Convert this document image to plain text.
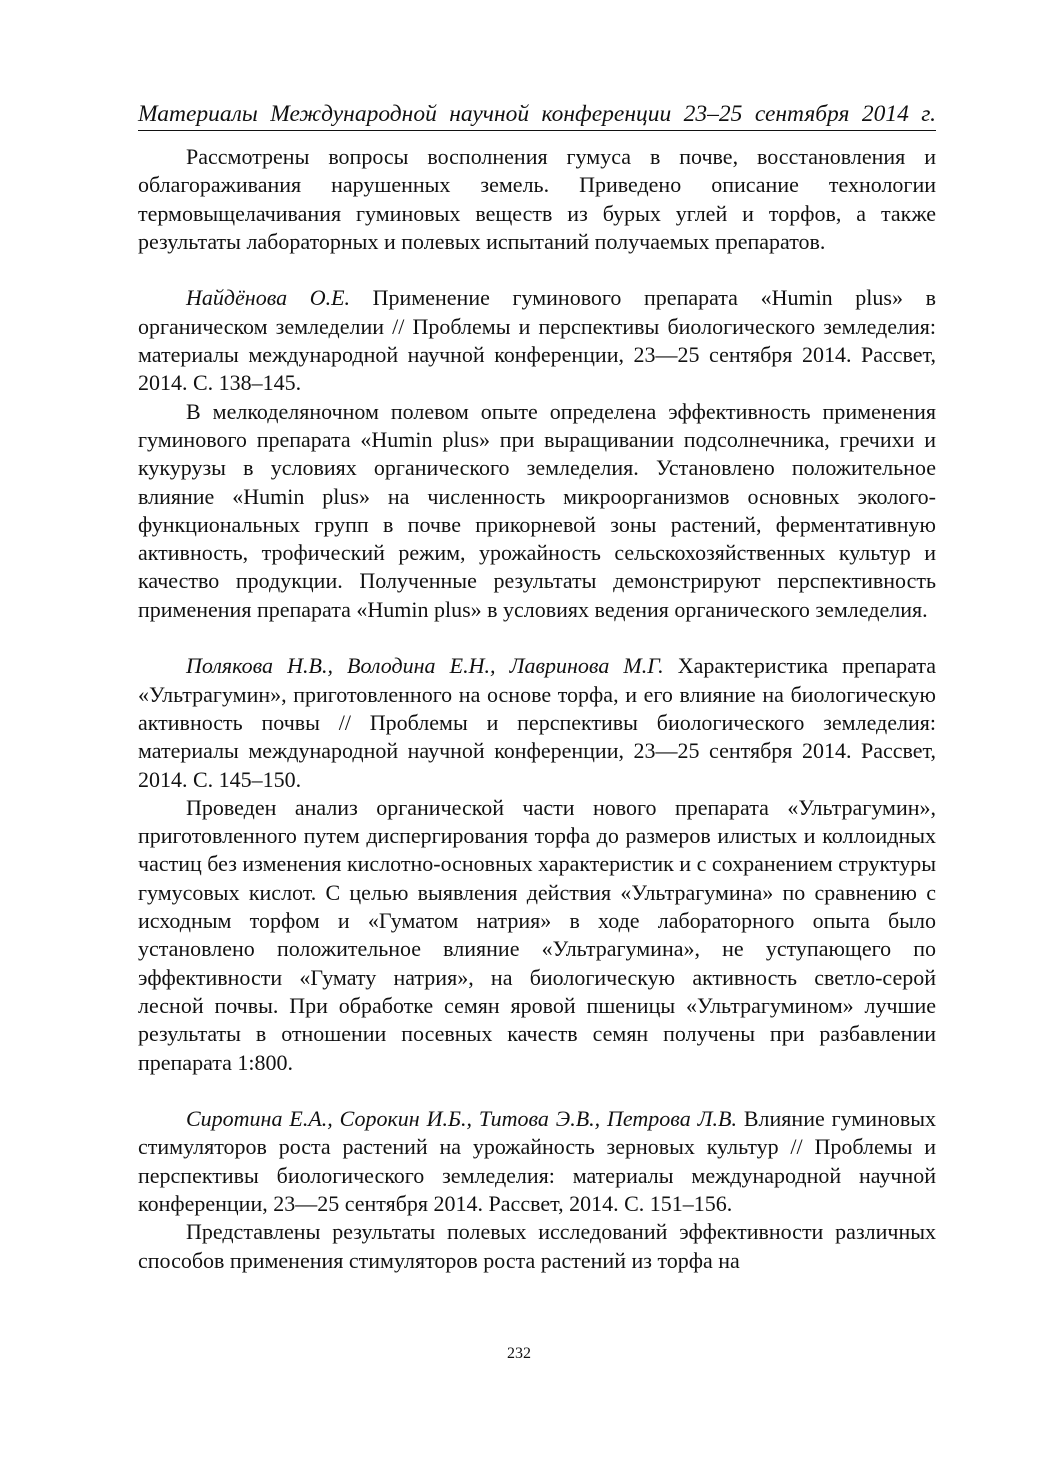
Материалы Международной научной конференции 23–25 сентября 2014 г.

Рассмотрены вопросы восполнения гумуса в почве, восстановления и облагораживания нарушенных земель. Приведено описание технологии термовыщелачивания гуминовых веществ из бурых углей и торфов, а также результаты лабораторных и полевых испытаний получаемых препаратов.

Найдёнова О.Е. Применение гуминового препарата «Humin plus» в органическом земледелии // Проблемы и перспективы биологического земледелия: материалы международной научной конференции, 23—25 сентября 2014. Рассвет, 2014. С. 138–145.

В мелкоделяночном полевом опыте определена эффективность применения гуминового препарата «Humin plus» при выращивании подсолнечника, гречихи и кукурузы в условиях органического земледелия. Установлено положительное влияние «Humin plus» на численность микроорганизмов основных эколого-функциональных групп в почве прикорневой зоны растений, ферментативную активность, трофический режим, урожайность сельскохозяйственных культур и качество продукции. Полученные результаты демонстрируют перспективность применения препарата «Humin plus» в условиях ведения органического земледелия.

Полякова Н.В., Володина Е.Н., Лавринова М.Г. Характеристика препарата «Ультрагумин», приготовленного на основе торфа, и его влияние на биологическую активность почвы // Проблемы и перспективы биологического земледелия: материалы международной научной конференции, 23—25 сентября 2014. Рассвет, 2014. С. 145–150.

Проведен анализ органической части нового препарата «Ультрагумин», приготовленного путем диспергирования торфа до размеров илистых и коллоидных частиц без изменения кислотно-основных характеристик и с сохранением структуры гумусовых кислот. С целью выявления действия «Ультрагумина» по сравнению с исходным торфом и «Гуматом натрия» в ходе лабораторного опыта было установлено положительное влияние «Ультрагумина», не уступающего по эффективности «Гумату натрия», на биологическую активность светло-серой лесной почвы. При обработке семян яровой пшеницы «Ультрагумином» лучшие результаты в отношении посевных качеств семян получены при разбавлении препарата 1:800.

Сиротина Е.А., Сорокин И.Б., Титова Э.В., Петрова Л.В. Влияние гуминовых стимуляторов роста растений на урожайность зерновых культур // Проблемы и перспективы биологического земледелия: материалы международной научной конференции, 23—25 сентября 2014. Рассвет, 2014. С. 151–156.

Представлены результаты полевых исследований эффективности различных способов применения стимуляторов роста растений из торфа на

232
